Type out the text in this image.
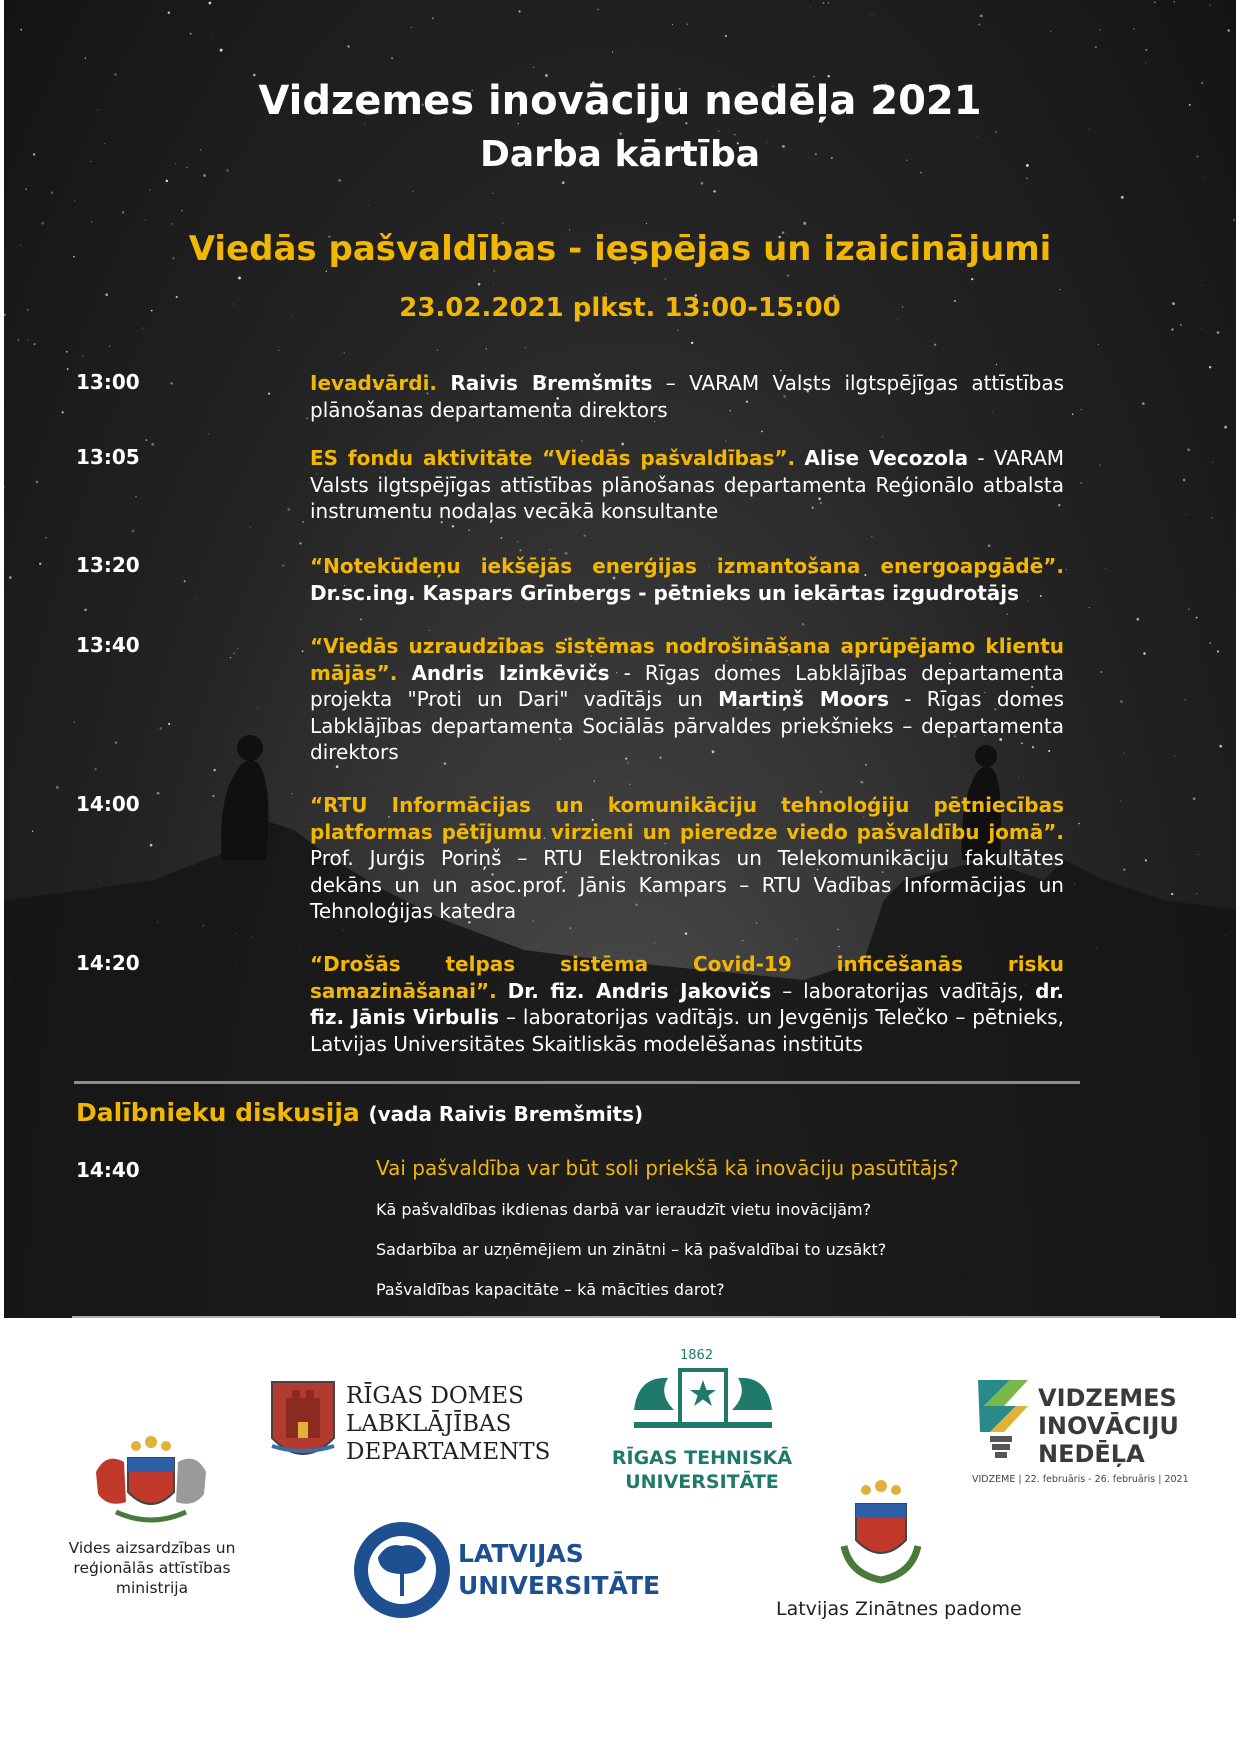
Vidzemes inovāciju nedēļa 2021
Darba kārtība
Viedās pašvaldības - iespējas un izaicinājumi
23.02.2021 plkst. 13:00-15:00
13:00	Ievadvārdi. Raivis Bremšmits – VARAM Valsts ilgtspējīgas attīstības plānošanas departamenta direktors
13:05	ES fondu aktivitāte “Viedās pašvaldības”. Alise Vecozola - VARAM Valsts ilgtspējīgas attīstības plānošanas departamenta Reģionālo atbalsta instrumentu nodaļas vecākā konsultante
13:20	“Notekūdeņu iekšējās enerģijas izmantošana energoapgādē”. Dr.sc.ing. Kaspars Grīnbergs - pētnieks un iekārtas izgudrotājs
13:40	“Viedās uzraudzības sistēmas nodrošināšana aprūpējamo klientu mājās”. Andris Izinkēvičs - Rīgas domes Labklājības departamenta projekta "Proti un Dari" vadītājs un Martiņš Moors - Rīgas domes Labklājības departamenta Sociālās pārvaldes priekšnieks – departamenta direktors
14:00	“RTU Informācijas un komunikāciju tehnoloģiju pētniecības platformas pētījumu virzieni un pieredze viedo pašvaldību jomā”. Prof. Jurģis Poriņš – RTU Elektronikas un Telekomunikāciju fakultātes dekāns un un asoc.prof. Jānis Kampars – RTU Vadības Informācijas un Tehnoloģijas katedra
14:20	“Drošās telpas sistēma Covid-19 inficēšanās risku samazināšanai”. Dr. fiz. Andris Jakovičs – laboratorijas vadītājs, dr. fiz. Jānis Virbulis – laboratorijas vadītājs. un Jevgēnijs Telečko – pētnieks, Latvijas Universitātes Skaitliskās modelēšanas institūts
Dalībnieku diskusija (vada Raivis Bremšmits)
14:40	Vai pašvaldība var būt soli priekšā kā inovāciju pasūtītājs?
Kā pašvaldības ikdienas darbā var ieraudzīt vietu inovācijām?
Sadarbība ar uzņēmējiem un zinātni – kā pašvaldībai to uzsākt?
Pašvaldības kapacitāte – kā mācīties darot?
Vides aizsardzības un
reģionālās attīstības
ministrija
RĪGAS DOMES
LABKLĀJĪBAS
DEPARTAMENTS
1862
RĪGAS TEHNISKĀ
UNIVERSITĀTE
VIDZEMES
INOVĀCIJU
NEDĒĻA
VIDZEME | 22. februāris - 26. februāris | 2021
LATVIJAS
UNIVERSITĀTE
Latvijas Zinātnes padome
